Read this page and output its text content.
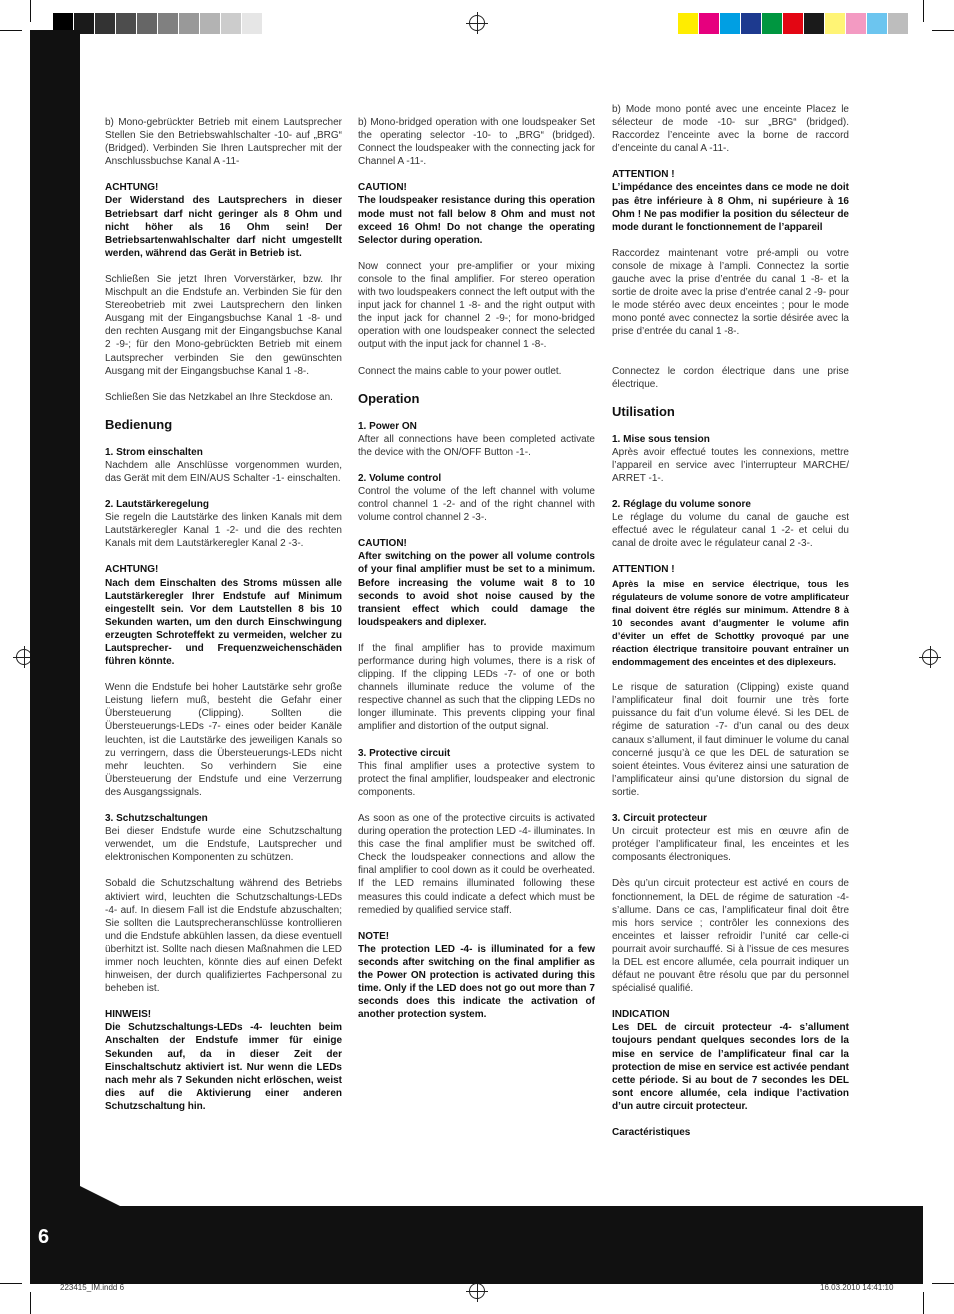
6
223415_IM.indd 6	16.03.2010 14:41:10

b) Mono-gebrückter Betrieb mit einem Lautsprecher Stellen Sie den Betriebswahlschalter -10- auf „BRG“ (Bridged). Verbinden Sie Ihren Lautsprecher mit der Anschlussbuchse Kanal A -11-

ACHTUNG!

Der Widerstand des Lautsprechers in dieser Betriebsart darf nicht geringer als 8 Ohm und nicht höher als 16 Ohm sein! Der Betriebsartenwahlschalter darf nicht umgestellt werden, während das Gerät in Betrieb ist.

Schließen Sie jetzt Ihren Vorverstärker, bzw. Ihr Mischpult an die Endstufe an. Verbinden Sie für den Stereobetrieb mit zwei Lautsprechern den linken Ausgang mit der Eingangsbuchse Kanal 1 -8- und den rechten Ausgang mit der Eingangsbuchse Kanal 2 -9-; für den Mono-gebrückten Betrieb mit einem Lautsprecher verbinden Sie den gewünschten Ausgang mit der Eingangsbuchse Kanal 1 -8-.

Schließen Sie das Netzkabel an Ihre Steckdose an.

Bedienung

1. Strom einschalten

Nachdem alle Anschlüsse vorgenommen wurden, das Gerät mit dem EIN/AUS Schalter -1- einschalten.

2. Lautstärkeregelung

Sie regeln die Lautstärke des linken Kanals mit dem Lautstärkeregler Kanal 1 -2- und die des rechten Kanals mit dem Lautstärkeregler Kanal 2 -3-.

ACHTUNG!

Nach dem Einschalten des Stroms müssen alle Lautstärkeregler Ihrer Endstufe auf Minimum eingestellt sein. Vor dem Lautstellen 8 bis 10 Sekunden warten, um den durch Einschwingung erzeugten Schroteffekt zu vermeiden, welcher zu Lautsprecher- und Frequenzweichenschäden führen könnte.

Wenn die Endstufe bei hoher Lautstärke sehr große Leistung liefern muß, besteht die Gefahr einer Übersteuerung (Clipping). Sollten die Übersteuerungs-LEDs -7- eines oder beider Kanäle leuchten, ist die Lautstärke des jeweiligen Kanals so zu verringern, dass die Übersteuerungs-LEDs nicht mehr leuchten. So verhindern Sie eine Übersteuerung der Endstufe und eine Verzerrung des Ausgangssignals.

3. Schutzschaltungen

Bei dieser Endstufe wurde eine Schutzschaltung verwendet, um die Endstufe, Lautsprecher und elektronischen Komponenten zu schützen.

Sobald die Schutzschaltung während des Betriebs aktiviert wird, leuchten die Schutzschaltungs-LEDs -4- auf. In diesem Fall ist die Endstufe abzuschalten; Sie sollten die Lautsprecheranschlüsse kontrollieren und die Endstufe abkühlen lassen, da diese eventuell überhitzt ist. Sollte nach diesen Maßnahmen die LED immer noch leuchten, könnte dies auf einen Defekt hinweisen, der durch qualifiziertes Fachpersonal zu beheben ist.

HINWEIS!

Die Schutzschaltungs-LEDs -4- leuchten beim Anschalten der Endstufe immer für einige Sekunden auf, da in dieser Zeit der Einschaltschutz aktiviert ist. Nur wenn die LEDs nach mehr als 7 Sekunden nicht erlöschen, weist dies auf die Aktivierung einer anderen Schutzschaltung hin.

b) Mono-bridged operation with one loudspeaker Set the operating selector -10- to „BRG“ (bridged). Connect the loudspeaker with the connecting jack for Channel A -11-.

CAUTION!

The loudspeaker resistance during this operation mode must not fall below 8 Ohm and must not exceed 16 Ohm! Do not change the operating Selector during operation.

Now connect your pre-amplifier or your mixing console to the final amplifier. For stereo operation with two loudspeakers connect the left output with the input jack for channel 1 -8- and the right output with the input jack for channel 2 -9-; for mono-bridged operation with one loudspeaker connect the selected output with the input jack for channel 1 -8-.

Connect the mains cable to your power outlet.

Operation

1. Power ON

After all connections have been completed activate the device with the ON/OFF Button -1-.

2. Volume control

Control the volume of the left channel with volume control channel 1 -2- and of the right channel with volume control channel 2 -3-.

CAUTION!

After switching on the power all volume controls of your final amplifier must be set to a minimum. Before increasing the volume wait 8 to 10 seconds to avoid shot noise caused by the transient effect which could damage the loudspeakers and diplexer.

If the final amplifier has to provide maximum performance during high volumes, there is a risk of clipping. If the clipping LEDs -7- of one or both channels illuminate reduce the volume of the respective channel as such that the clipping LEDs no longer illuminate. This prevents clipping your final amplifier and distortion of the output signal.

3. Protective circuit

This final amplifier uses a protective system to protect the final amplifier, loudspeaker and electronic components.

As soon as one of the protective circuits is activated during operation the protection LED -4- illuminates. In this case the final amplifier must be switched off. Check the loudspeaker connections and allow the final amplifier to cool down as it could be overheated. If the LED remains illuminated following these measures this could indicate a defect which must be remedied by qualified service staff.

NOTE!

The protection LED -4- is illuminated for a few seconds after switching on the final amplifier as the Power ON protection is activated during this time. Only if the LED does not go out more than 7 seconds does this indicate the activation of another protection system.

b) Mode mono ponté avec une enceinte Placez le sélecteur de mode -10- sur „BRG“ (bridged). Raccordez l’enceinte avec la borne de raccord d’enceinte du canal A -11-.

ATTENTION !

L’impédance des enceintes dans ce mode ne doit pas être inférieure à 8 Ohm, ni supérieure à 16 Ohm ! Ne pas modifier la position du sélecteur de mode durant le fonctionnement de l’appareil

Raccordez maintenant votre pré-ampli ou votre console de mixage à l’ampli. Connectez la sortie gauche avec la prise d’entrée du canal 1 -8- et la sortie de droite avec la prise d’entrée canal 2 -9- pour le mode stéréo avec deux enceintes ; pour le mode mono ponté avec connectez la sortie désirée avec la prise d’entrée du canal 1 -8-.

Connectez le cordon électrique dans une prise électrique.

Utilisation

1. Mise sous tension

Après avoir effectué toutes les connexions, mettre l’appareil en service avec l’interrupteur MARCHE/ ARRET -1-.

2. Réglage du volume sonore

Le réglage du volume du canal de gauche est effectué avec le régulateur canal 1 -2- et celui du canal de droite avec le régulateur canal 2 -3-.

ATTENTION !

Après la mise en service électrique, tous les régulateurs de volume sonore de votre amplificateur final doivent être réglés sur minimum. Attendre 8 à 10 secondes avant d’augmenter le volume afin d’éviter un effet de Schottky provoqué par une réaction électrique transitoire pouvant entraîner un endommagement des enceintes et des diplexeurs.

Le risque de saturation (Clipping) existe quand l’amplificateur final doit fournir une très forte puissance du fait d’un volume élevé. Si les DEL de régime de saturation -7- d’un canal ou des deux canaux s’allument, il faut diminuer le volume du canal concerné jusqu’à ce que les DEL de saturation se soient éteintes. Vous éviterez ainsi une saturation de l’amplificateur ainsi qu’une distorsion du signal de sortie.

3. Circuit protecteur

Un circuit protecteur est mis en œuvre afin de protéger l’amplificateur final, les enceintes et les composants électroniques.

Dès qu’un circuit protecteur est activé en cours de fonctionnement, la DEL de régime de saturation -4- s’allume. Dans ce cas, l’amplificateur final doit être mis hors service ; contrôler les connexions des enceintes et laisser refroidir l’unité car celle-ci pourrait avoir surchauffé. Si à l’issue de ces mesures la DEL est encore allumée, cela pourrait indiquer un défaut ne pouvant être résolu que par du personnel spécialisé qualifié.

INDICATION

Les DEL de circuit protecteur -4- s’allument toujours pendant quelques secondes lors de la mise en service de l’amplificateur final car la protection de mise en service est activée pendant cette période. Si au bout de 7 secondes les DEL sont encore allumée, cela indique l’activation d’un autre circuit protecteur.

Caractéristiques
